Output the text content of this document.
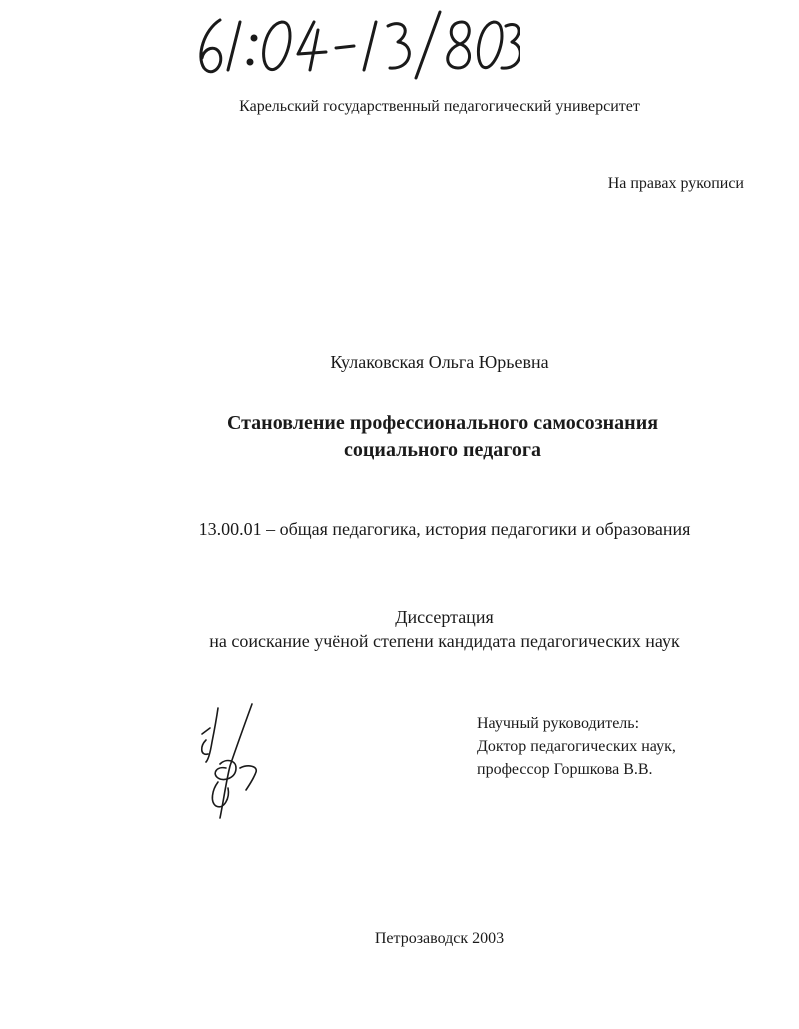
Карельский государственный педагогический университет
На правах рукописи
Кулаковская Ольга Юрьевна
Становление профессионального самосознания
социального педагога
13.00.01 – общая педагогика, история педагогики и образования
Диссертация
на соискание учёной степени кандидата педагогических наук
Научный руководитель:
Доктор педагогических наук,
профессор Горшкова В.В.
Петрозаводск 2003
